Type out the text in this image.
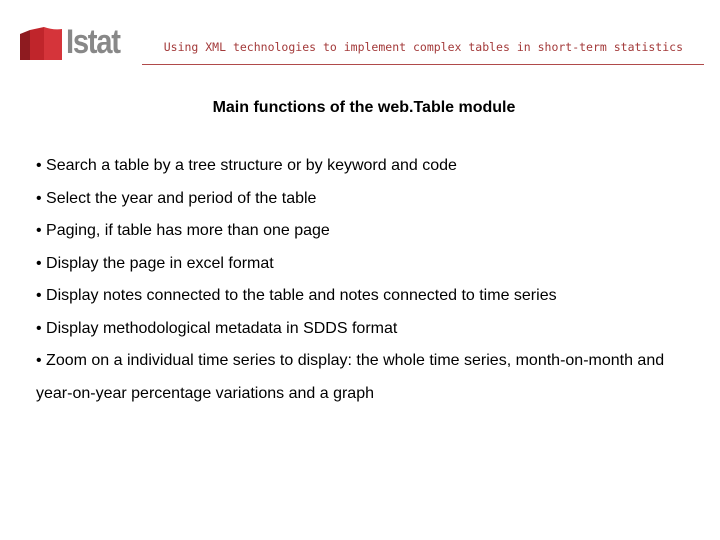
Istat	Using XML technologies to implement complex tables in short-term statistics
Main functions of the web.Table module
• Search a table by a tree structure or by keyword and code
• Select the year and period of the table
• Paging, if table has more than one page
• Display the page in excel format
• Display notes connected to the table and notes connected to time series
• Display methodological metadata in SDDS format
• Zoom on a individual time series to display: the whole time series, month-on-month and year-on-year percentage variations and a graph
